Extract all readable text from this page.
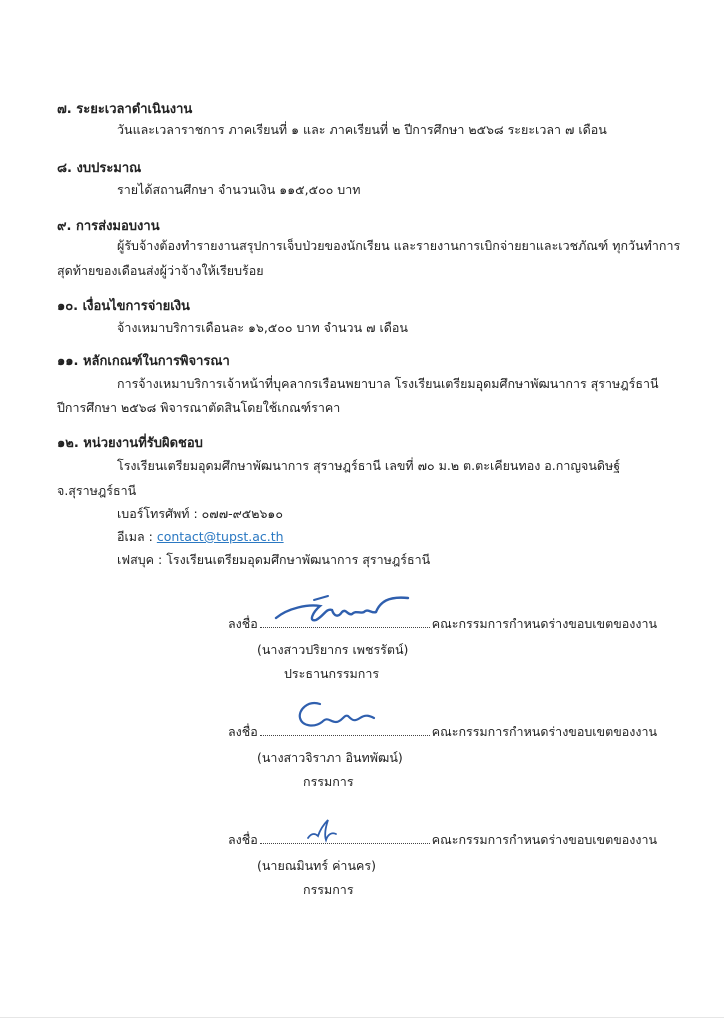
๗. ระยะเวลาดำเนินงาน
วันและเวลาราชการ ภาคเรียนที่ ๑ และ ภาคเรียนที่ ๒ ปีการศึกษา ๒๕๖๘ ระยะเวลา ๗ เดือน
๘. งบประมาณ
รายได้สถานศึกษา จำนวนเงิน ๑๑๕,๕๐๐ บาท
๙. การส่งมอบงาน
ผู้รับจ้างต้องทำรายงานสรุปการเจ็บป่วยของนักเรียน และรายงานการเบิกจ่ายยาและเวชภัณฑ์ ทุกวันทำการ
สุดท้ายของเดือนส่งผู้ว่าจ้างให้เรียบร้อย
๑๐. เงื่อนไขการจ่ายเงิน
จ้างเหมาบริการเดือนละ ๑๖,๕๐๐ บาท จำนวน ๗ เดือน
๑๑. หลักเกณฑ์ในการพิจารณา
การจ้างเหมาบริการเจ้าหน้าที่บุคลากรเรือนพยาบาล โรงเรียนเตรียมอุดมศึกษาพัฒนาการ สุราษฎร์ธานี
ปีการศึกษา ๒๕๖๘ พิจารณาตัดสินโดยใช้เกณฑ์ราคา
๑๒. หน่วยงานที่รับผิดชอบ
โรงเรียนเตรียมอุดมศึกษาพัฒนาการ สุราษฎร์ธานี เลขที่ ๗๐ ม.๒ ต.ตะเคียนทอง อ.กาญจนดิษฐ์
จ.สุราษฎร์ธานี
เบอร์โทรศัพท์ : ๐๗๗-๙๕๒๖๑๐
อีเมล : contact@tupst.ac.th
เฟสบุค : โรงเรียนเตรียมอุดมศึกษาพัฒนาการ สุราษฎร์ธานี
ลงชื่อ	คณะกรรมการกำหนดร่างขอบเขตของงาน
(นางสาวปริยากร เพชรรัตน์)
ประธานกรรมการ
ลงชื่อ	คณะกรรมการกำหนดร่างขอบเขตของงาน
(นางสาวจิราภา อินทพัฒน์)
กรรมการ
ลงชื่อ	คณะกรรมการกำหนดร่างขอบเขตของงาน
(นายณมินทร์ ค่านคร)
กรรมการ
